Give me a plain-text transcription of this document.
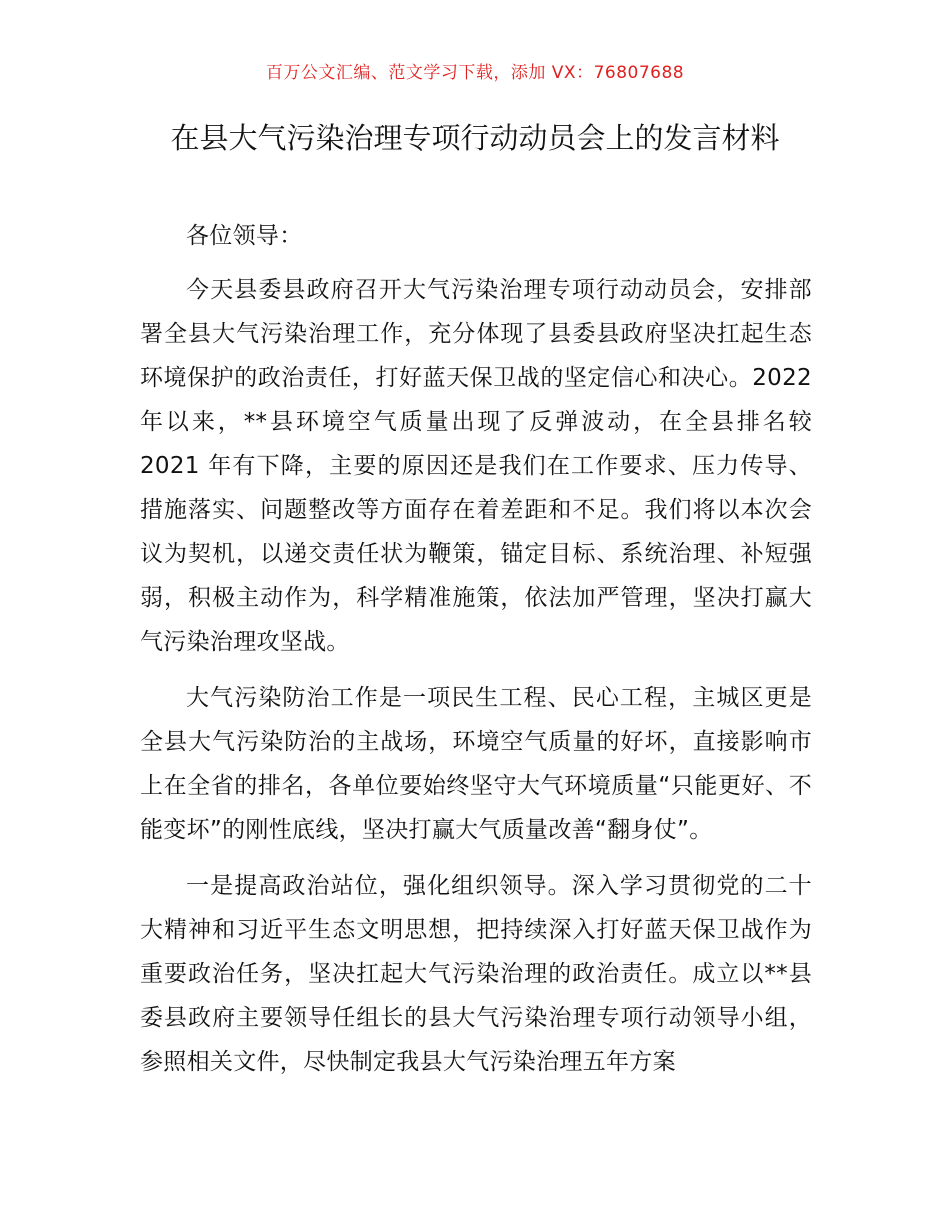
百万公文汇编、范文学习下载，添加 VX：76807688
在县大气污染治理专项行动动员会上的发言材料

各位领导：

今天县委县政府召开大气污染治理专项行动动员会，安排部署全县大气污染治理工作，充分体现了县委县政府坚决扛起生态环境保护的政治责任，打好蓝天保卫战的坚定信心和决心。2022 年以来，**县环境空气质量出现了反弹波动，在全县排名较 2021 年有下降，主要的原因还是我们在工作要求、压力传导、措施落实、问题整改等方面存在着差距和不足。我们将以本次会议为契机，以递交责任状为鞭策，锚定目标、系统治理、补短强弱，积极主动作为，科学精准施策，依法加严管理，坚决打赢大气污染治理攻坚战。

大气污染防治工作是一项民生工程、民心工程，主城区更是全县大气污染防治的主战场，环境空气质量的好坏，直接影响市上在全省的排名，各单位要始终坚守大气环境质量“只能更好、不能变坏”的刚性底线，坚决打赢大气质量改善“翻身仗”。

一是提高政治站位，强化组织领导。深入学习贯彻党的二十大精神和习近平生态文明思想，把持续深入打好蓝天保卫战作为重要政治任务，坚决扛起大气污染治理的政治责任。成立以**县委县政府主要领导任组长的县大气污染治理专项行动领导小组，参照相关文件，尽快制定我县大气污染治理五年方案
